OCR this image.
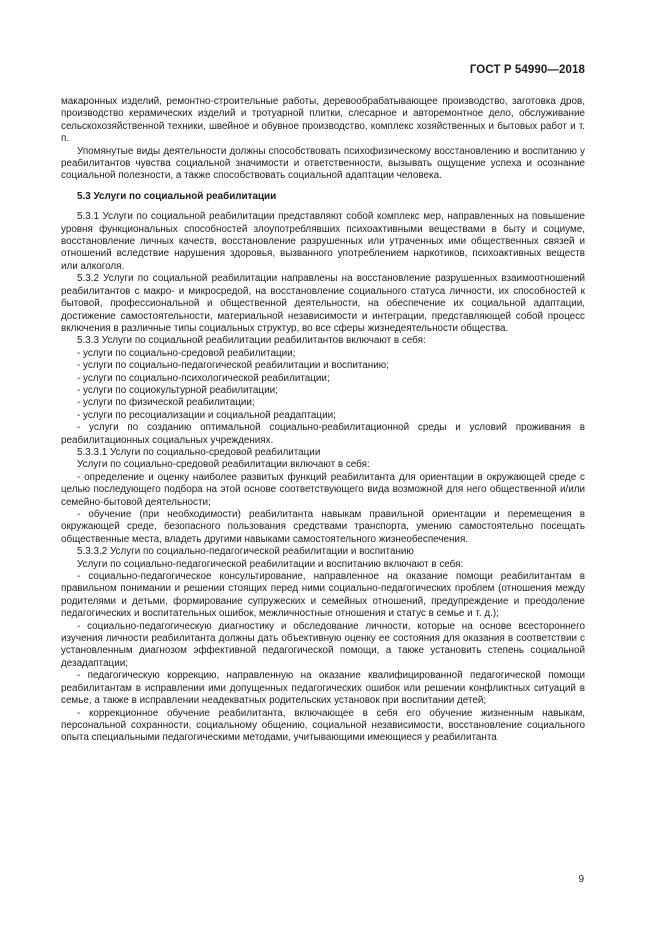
ГОСТ Р 54990—2018

макаронных изделий, ремонтно-строительные работы, деревообрабатывающее производство, заготовка дров, производство керамических изделий и тротуарной плитки, слесарное и авторемонтное дело, обслуживание сельскохозяйственной техники, швейное и обувное производство, комплекс хозяйственных и бытовых работ и т. п.

Упомянутые виды деятельности должны способствовать психофизическому восстановлению и воспитанию у реабилитантов чувства социальной значимости и ответственности, вызывать ощущение успеха и осознание социальной полезности, а также способствовать социальной адаптации человека.

5.3 Услуги по социальной реабилитации

5.3.1 Услуги по социальной реабилитации представляют собой комплекс мер, направленных на повышение уровня функциональных способностей злоупотреблявших психоактивными веществами в быту и социуме, восстановление личных качеств, восстановление разрушенных или утраченных ими общественных связей и отношений вследствие нарушения здоровья, вызванного употреблением наркотиков, психоактивных веществ или алкоголя.

5.3.2 Услуги по социальной реабилитации направлены на восстановление разрушенных взаимоотношений реабилитантов с макро- и микросредой, на восстановление социального статуса личности, их способностей к бытовой, профессиональной и общественной деятельности, на обеспечение их социальной адаптации, достижение самостоятельности, материальной независимости и интеграции, представляющей собой процесс включения в различные типы социальных структур, во все сферы жизнедеятельности общества.

5.3.3 Услуги по социальной реабилитации реабилитантов включают в себя:

- услуги по социально-средовой реабилитации;

- услуги по социально-педагогической реабилитации и воспитанию;

- услуги по социально-психологической реабилитации;

- услуги по социокультурной реабилитации;

- услуги по физической реабилитации;

- услуги по ресоциализации и социальной реадаптации;

- услуги по созданию оптимальной социально-реабилитационной среды и условий проживания в реабилитационных социальных учреждениях.

5.3.3.1 Услуги по социально-средовой реабилитации

Услуги по социально-средовой реабилитации включают в себя:

- определение и оценку наиболее развитых функций реабилитанта для ориентации в окружающей среде с целью последующего подбора на этой основе соответствующего вида возможной для него общественной и/или семейно-бытовой деятельности;

- обучение (при необходимости) реабилитанта навыкам правильной ориентации и перемещения в окружающей среде, безопасного пользования средствами транспорта, умению самостоятельно посещать общественные места, владеть другими навыками самостоятельного жизнеобеспечения.

5.3.3.2 Услуги по социально-педагогической реабилитации и воспитанию

Услуги по социально-педагогической реабилитации и воспитанию включают в себя:

- социально-педагогическое консультирование, направленное на оказание помощи реабилитантам в правильном понимании и решении стоящих перед ними социально-педагогических проблем (отношения между родителями и детьми, формирование супружеских и семейных отношений, предупреждение и преодоление педагогических и воспитательных ошибок, межличностные отношения и статус в семье и т. д.);

- социально-педагогическую диагностику и обследование личности, которые на основе всестороннего изучения личности реабилитанта должны дать объективную оценку ее состояния для оказания в соответствии с установленным диагнозом эффективной педагогической помощи, а также установить степень социальной дезадаптации;

- педагогическую коррекцию, направленную на оказание квалифицированной педагогической помощи реабилитантам в исправлении ими допущенных педагогических ошибок или решении конфликтных ситуаций в семье, а также в исправлении неадекватных родительских установок при воспитании детей;

- коррекционное обучение реабилитанта, включающее в себя его обучение жизненным навыкам, персональной сохранности, социальному общению, социальной независимости, восстановление социального опыта специальными педагогическими методами, учитывающими имеющиеся у реабилитанта

9
